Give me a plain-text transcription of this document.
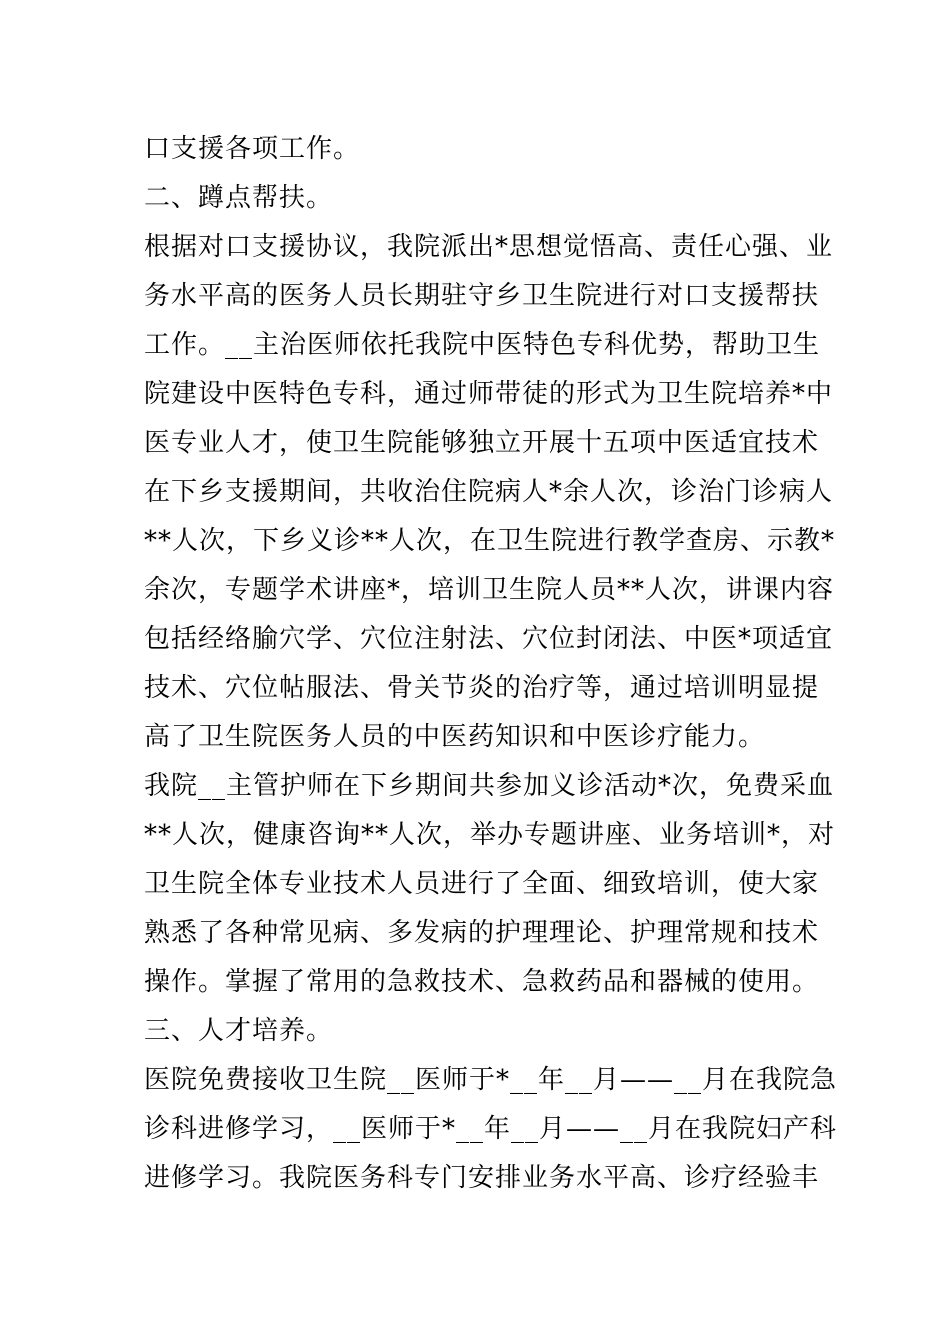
口支援各项工作。
二、蹲点帮扶。
根据对口支援协议，我院派出*思想觉悟高、责任心强、业
务水平高的医务人员长期驻守乡卫生院进行对口支援帮扶
工作。__主治医师依托我院中医特色专科优势，帮助卫生
院建设中医特色专科，通过师带徒的形式为卫生院培养*中
医专业人才，使卫生院能够独立开展十五项中医适宜技术
在下乡支援期间，共收治住院病人*余人次，诊治门诊病人
**人次，下乡义诊**人次，在卫生院进行教学查房、示教*
余次，专题学术讲座*，培训卫生院人员**人次，讲课内容
包括经络腧穴学、穴位注射法、穴位封闭法、中医*项适宜
技术、穴位帖服法、骨关节炎的治疗等，通过培训明显提
高了卫生院医务人员的中医药知识和中医诊疗能力。
我院__主管护师在下乡期间共参加义诊活动*次，免费采血
**人次，健康咨询**人次，举办专题讲座、业务培训*，对
卫生院全体专业技术人员进行了全面、细致培训，使大家
熟悉了各种常见病、多发病的护理理论、护理常规和技术
操作。掌握了常用的急救技术、急救药品和器械的使用。
三、人才培养。
医院免费接收卫生院__医师于*__年__月——__月在我院急
诊科进修学习，__医师于*__年__月——__月在我院妇产科
进修学习。我院医务科专门安排业务水平高、诊疗经验丰
